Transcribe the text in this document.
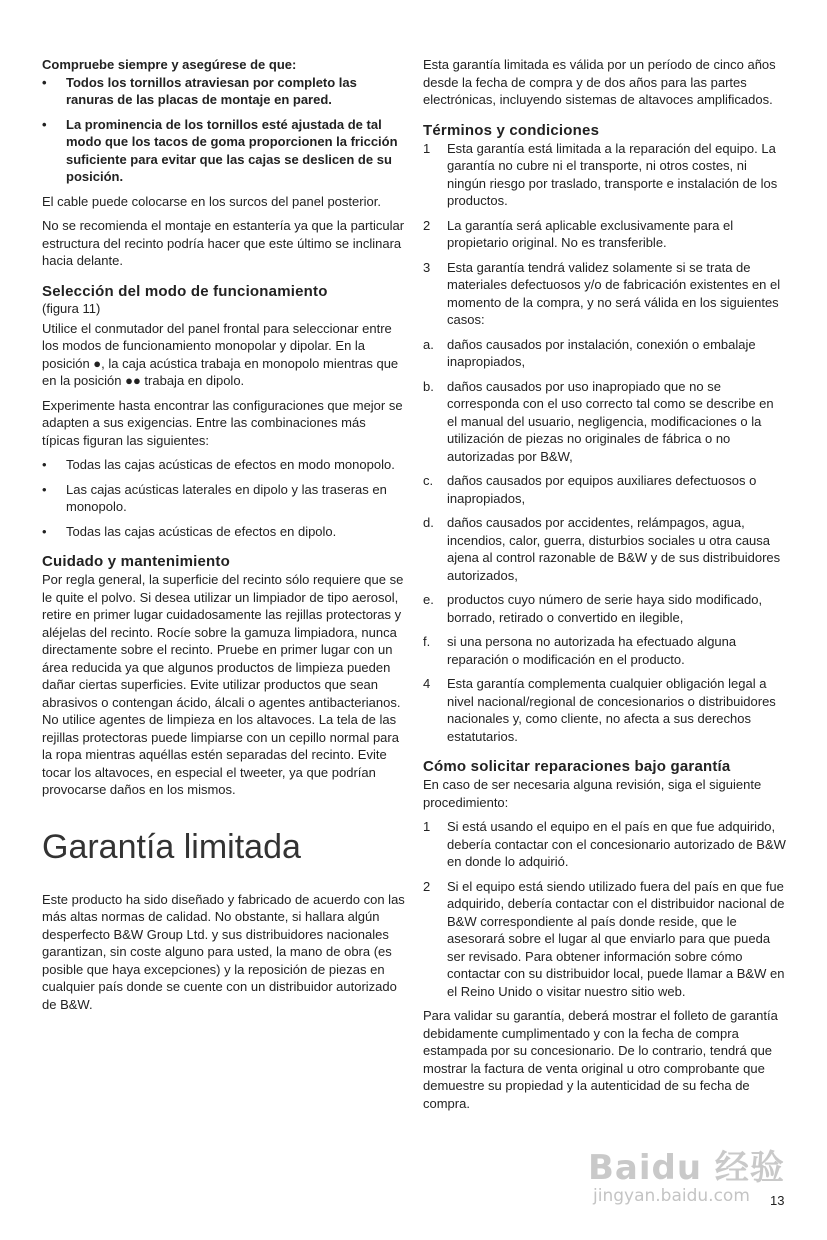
Compruebe siempre y asegúrese de que:

•	Todos los tornillos atraviesan por completo las ranuras de las placas de montaje en pared.
•	La prominencia de los tornillos esté ajustada de tal modo que los tacos de goma proporcionen la fricción suficiente para evitar que las cajas se deslicen de su posición.

El cable puede colocarse en los surcos del panel posterior.

No se recomienda el montaje en estantería ya que la particular estructura del recinto podría hacer que este último se inclinara hacia delante.

Selección del modo de funcionamiento

(figura 11)

Utilice el conmutador del panel frontal para seleccionar entre los modos de funcionamiento monopolar y dipolar. En la posición ●, la caja acústica trabaja en monopolo mientras que en la posición ●● trabaja en dipolo.

Experimente hasta encontrar las configuraciones que mejor se adapten a sus exigencias. Entre las combinaciones más típicas figuran las siguientes:

•	Todas las cajas acústicas de efectos en modo monopolo.
•	Las cajas acústicas laterales en dipolo y las traseras en monopolo.
•	Todas las cajas acústicas de efectos en dipolo.
Cuidado y mantenimiento

Por regla general, la superficie del recinto sólo requiere que se le quite el polvo. Si desea utilizar un limpiador de tipo aerosol, retire en primer lugar cuidadosamente las rejillas protectoras y aléjelas del recinto. Rocíe sobre la gamuza limpiadora, nunca directamente sobre el recinto. Pruebe en primer lugar con un área reducida ya que algunos productos de limpieza pueden dañar ciertas superficies. Evite utilizar productos que sean abrasivos o contengan ácido, álcali o agentes antibacterianos. No utilice agentes de limpieza en los altavoces. La tela de las rejillas protectoras puede limpiarse con un cepillo normal para la ropa mientras aquéllas estén separadas del recinto. Evite tocar los altavoces, en especial el tweeter, ya que podrían provocarse daños en los mismos.

Garantía limitada

Este producto ha sido diseñado y fabricado de acuerdo con las más altas normas de calidad. No obstante, si hallara algún desperfecto B&W Group Ltd. y sus distribuidores nacionales garantizan, sin coste alguno para usted, la mano de obra (es posible que haya excepciones) y la reposición de piezas en cualquier país donde se cuente con un distribuidor autorizado de B&W.

Esta garantía limitada es válida por un período de cinco años desde la fecha de compra y de dos años para las partes electrónicas, incluyendo sistemas de altavoces amplificados.

Términos y condiciones
1	Esta garantía está limitada a la reparación del equipo. La garantía no cubre ni el transporte, ni otros costes, ni ningún riesgo por traslado, transporte e instalación de los productos.
2	La garantía será aplicable exclusivamente para el propietario original. No es transferible.
3	Esta garantía tendrá validez solamente si se trata de materiales defectuosos y/o de fabricación existentes en el momento de la compra, y no será válida en los siguientes casos:
a.	daños causados por instalación, conexión o embalaje inapropiados,
b.	daños causados por uso inapropiado que no se corresponda con el uso correcto tal como se describe en el manual del usuario, negligencia, modificaciones o la utilización de piezas no originales de fábrica o no autorizadas por B&W,
c.	daños causados por equipos auxiliares defectuosos o inapropiados,
d.	daños causados por accidentes, relámpagos, agua, incendios, calor, guerra, disturbios sociales u otra causa ajena al control razonable de B&W y de sus distribuidores autorizados,
e.	productos cuyo número de serie haya sido modificado, borrado, retirado o convertido en ilegible,
f.	si una persona no autorizada ha efectuado alguna reparación o modificación en el producto.
4	Esta garantía complementa cualquier obligación legal a nivel nacional/regional de concesionarios o distribuidores nacionales y, como cliente, no afecta a sus derechos estatutarios.
Cómo solicitar reparaciones bajo garantía

En caso de ser necesaria alguna revisión, siga el siguiente procedimiento:

1	Si está usando el equipo en el país en que fue adquirido, debería contactar con el concesionario autorizado de B&W en donde lo adquirió.
2	Si el equipo está siendo utilizado fuera del país en que fue adquirido, debería contactar con el distribuidor nacional de B&W correspondiente al país donde reside, que le asesorará sobre el lugar al que enviarlo para que pueda ser revisado. Para obtener información sobre cómo contactar con su distribuidor local, puede llamar a B&W en el Reino Unido o visitar nuestro sitio web.

Para validar su garantía, deberá mostrar el folleto de garantía debidamente cumplimentado y con la fecha de compra estampada por su concesionario. De lo contrario, tendrá que mostrar la factura de venta original u otro comprobante que demuestre su propiedad y la autenticidad de su fecha de compra.

13
Baidu 经验
jingyan.baidu.com
